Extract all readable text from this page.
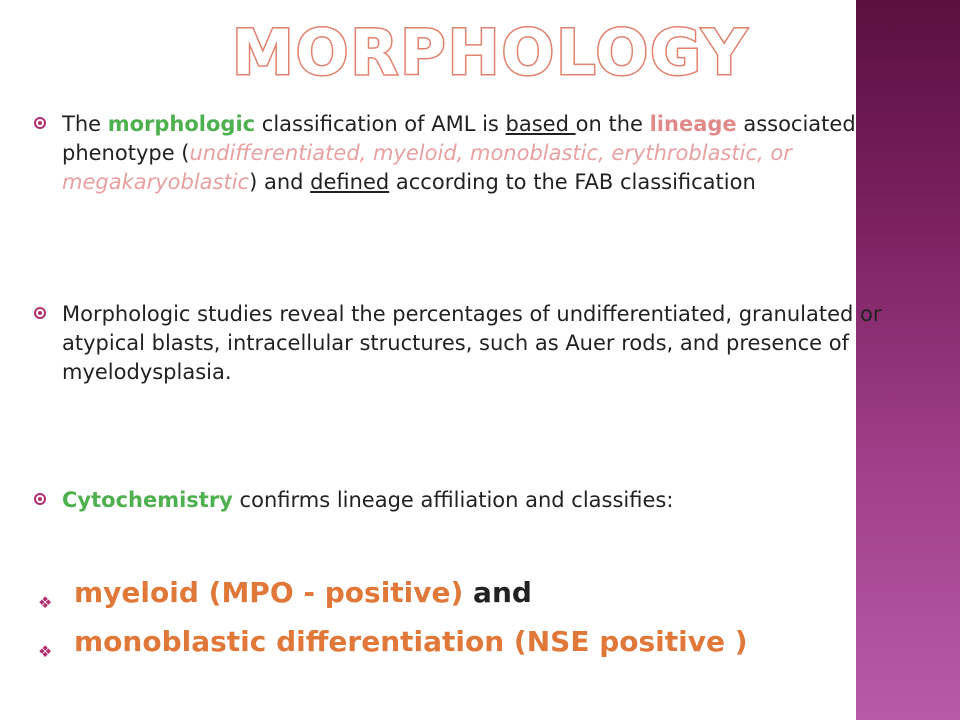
MORPHOLOGY
The morphologic classification of AML is based on the lineage associated phenotype (undifferentiated, myeloid, monoblastic, erythroblastic, or megakaryoblastic) and defined according to the FAB classification
Morphologic studies reveal the percentages of undifferentiated, granulated or atypical blasts, intracellular structures, such as Auer rods, and presence of myelodysplasia.
Cytochemistry confirms lineage affiliation and classifies:
❖ myeloid (MPO - positive) and
❖ monoblastic differentiation (NSE positive )
